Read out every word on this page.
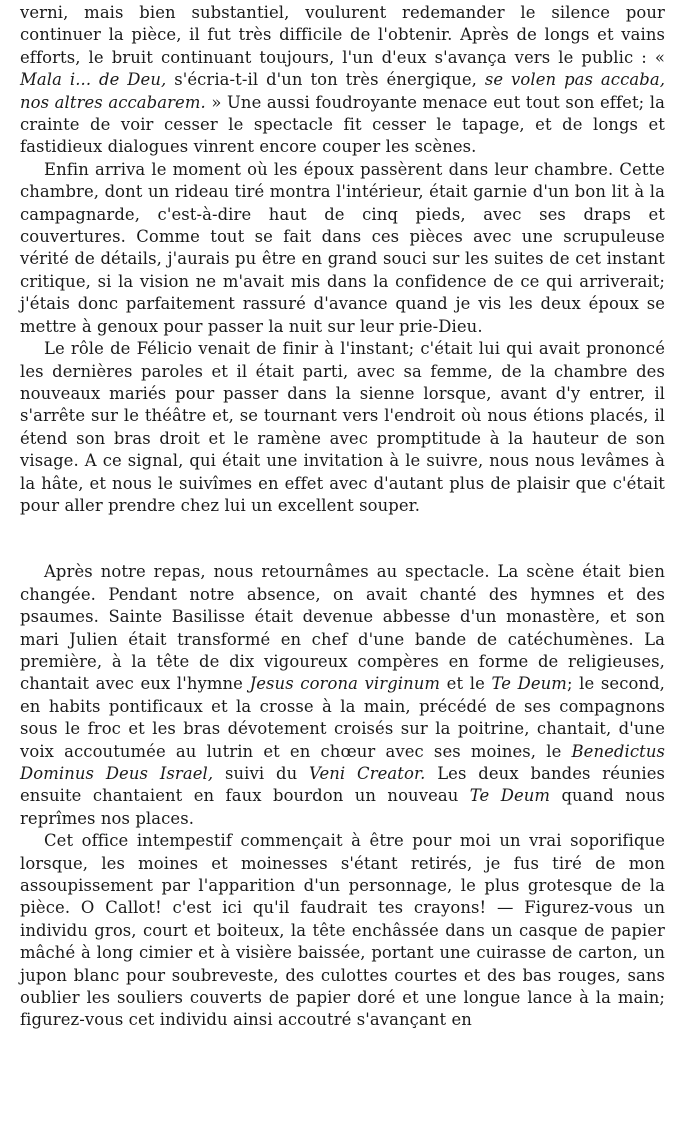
verni, mais bien substantiel, voulurent redemander le silence pour continuer la pièce, il fut très difficile de l'obtenir. Après de longs et vains efforts, le bruit continuant toujours, l'un d'eux s'avança vers le public : « Mala i... de Deu, s'écria-t-il d'un ton très énergique, se volen pas accaba, nos altres accabarem. » Une aussi foudroyante menace eut tout son effet; la crainte de voir cesser le spectacle fit cesser le tapage, et de longs et fastidieux dialogues vinrent encore couper les scènes.

Enfin arriva le moment où les époux passèrent dans leur chambre. Cette chambre, dont un rideau tiré montra l'intérieur, était garnie d'un bon lit à la campagnarde, c'est-à-dire haut de cinq pieds, avec ses draps et couvertures. Comme tout se fait dans ces pièces avec une scrupuleuse vérité de détails, j'aurais pu être en grand souci sur les suites de cet instant critique, si la vision ne m'avait mis dans la confidence de ce qui arriverait; j'étais donc parfaitement rassuré d'avance quand je vis les deux époux se mettre à genoux pour passer la nuit sur leur prie-Dieu.

Le rôle de Félicio venait de finir à l'instant; c'était lui qui avait prononcé les dernières paroles et il était parti, avec sa femme, de la chambre des nouveaux mariés pour passer dans la sienne lorsque, avant d'y entrer, il s'arrête sur le théâtre et, se tournant vers l'endroit où nous étions placés, il étend son bras droit et le ramène avec promptitude à la hauteur de son visage. A ce signal, qui était une invitation à le suivre, nous nous levâmes à la hâte, et nous le suivîmes en effet avec d'autant plus de plaisir que c'était pour aller prendre chez lui un excellent souper.

Après notre repas, nous retournâmes au spectacle. La scène était bien changée. Pendant notre absence, on avait chanté des hymnes et des psaumes. Sainte Basilisse était devenue abbesse d'un monastère, et son mari Julien était transformé en chef d'une bande de catéchumènes. La première, à la tête de dix vigoureux compères en forme de religieuses, chantait avec eux l'hymne Jesus corona virginum et le Te Deum; le second, en habits pontificaux et la crosse à la main, précédé de ses compagnons sous le froc et les bras dévotement croisés sur la poitrine, chantait, d'une voix accoutumée au lutrin et en chœur avec ses moines, le Benedictus Dominus Deus Israel, suivi du Veni Creator. Les deux bandes réunies ensuite chantaient en faux bourdon un nouveau Te Deum quand nous reprîmes nos places.

Cet office intempestif commençait à être pour moi un vrai soporifique lorsque, les moines et moinesses s'étant retirés, je fus tiré de mon assoupissement par l'apparition d'un personnage, le plus grotesque de la pièce. O Callot! c'est ici qu'il faudrait tes crayons! — Figurez-vous un individu gros, court et boiteux, la tête enchâssée dans un casque de papier mâché à long cimier et à visière baissée, portant une cuirasse de carton, un jupon blanc pour soubreveste, des culottes courtes et des bas rouges, sans oublier les souliers couverts de papier doré et une longue lance à la main; figurez-vous cet individu ainsi accoutré s'avançant en
